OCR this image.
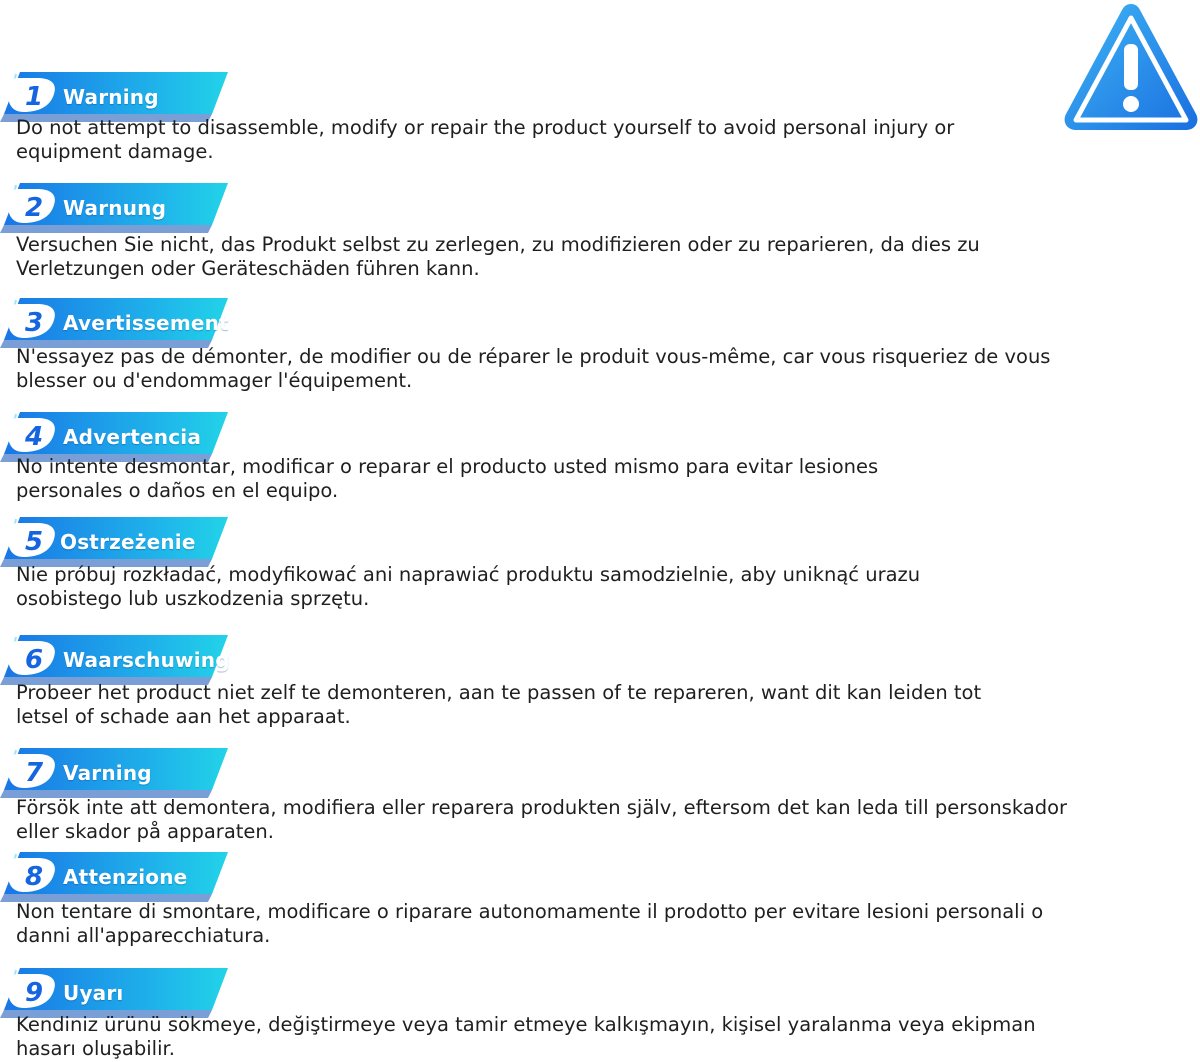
1 Warning

Do not attempt to disassemble, modify or repair the product yourself to avoid personal injury or
equipment damage.

2 Warnung

Versuchen Sie nicht, das Produkt selbst zu zerlegen, zu modifizieren oder zu reparieren, da dies zu
Verletzungen oder Geräteschäden führen kann.

3 Avertissement

N'essayez pas de démonter, de modifier ou de réparer le produit vous-même, car vous risqueriez de vous
blesser ou d'endommager l'équipement.

4 Advertencia

No intente desmontar, modificar o reparar el producto usted mismo para evitar lesiones
personales o daños en el equipo.

5 Ostrzeżenie

Nie próbuj rozkładać, modyfikować ani naprawiać produktu samodzielnie, aby uniknąć urazu
osobistego lub uszkodzenia sprzętu.

6 Waarschuwing

Probeer het product niet zelf te demonteren, aan te passen of te repareren, want dit kan leiden tot
letsel of schade aan het apparaat.

7 Varning

Försök inte att demontera, modifiera eller reparera produkten själv, eftersom det kan leda till personskador
eller skador på apparaten.

8 Attenzione

Non tentare di smontare, modificare o riparare autonomamente il prodotto per evitare lesioni personali o
danni all'apparecchiatura.

9 Uyarı

Kendiniz ürünü sökmeye, değiştirmeye veya tamir etmeye kalkışmayın, kişisel yaralanma veya ekipman
hasarı oluşabilir.
